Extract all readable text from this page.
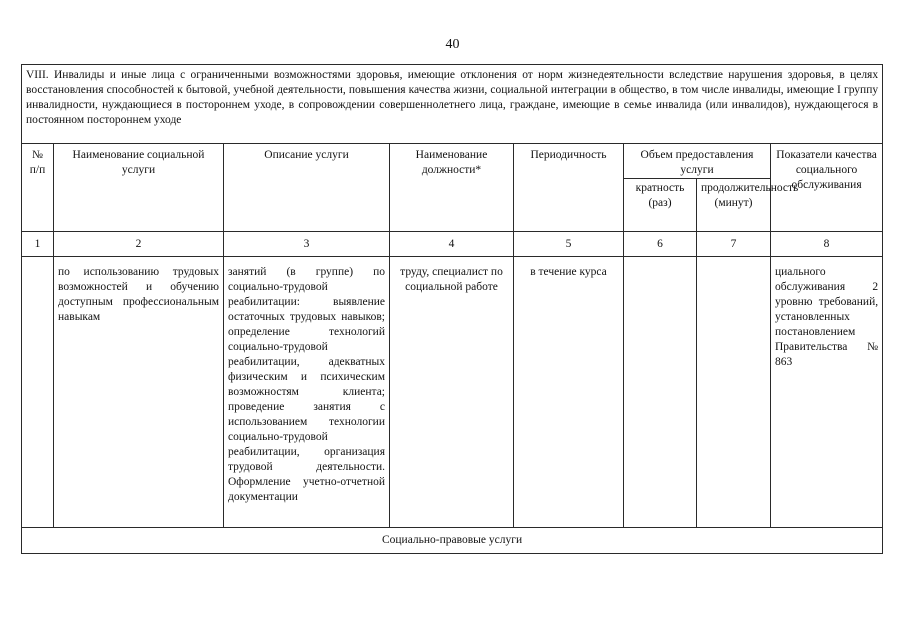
40
VIII. Инвалиды и иные лица с ограниченными возможностями здоровья, имеющие отклонения от норм жизнедеятельности вследствие нарушения здоровья, в целях восстановления способностей к бытовой, учебной деятельности, повышения качества жизни, социальной интеграции в общество, в том числе инвалиды, имеющие I группу инвалидности, нуждающиеся в постороннем уходе, в сопровождении совершеннолетнего лица, граждане, имеющие в семье инвалида (или инвалидов), нуждающегося в постоянном постороннем уходе							
№ п/п	Наименование социальной услуги	Описание услуги	Наименование должности*	Периодичность	Объем предоставления услуги		Показатели качества социального обслуживания
					кратность (раз)	продолжительность (минут)	
1	2	3	4	5	6	7	8
	по использованию трудовых возможностей и обучению доступным профессиональным навыкам	занятий (в группе) по социально-трудовой реабилитации: выявление остаточных трудовых навыков; определение технологий социально-трудовой реабилитации, адекватных физическим и психическим возможностям клиента; проведение занятия с использованием технологии социально-трудовой реабилитации, организация трудовой деятельности. Оформление учетно-отчетной документации	труду, специалист по социальной работе	в течение курса			циального обслуживания 2 уровню требований, установленных постановлением Правительства № 863
Социально-правовые услуги							
